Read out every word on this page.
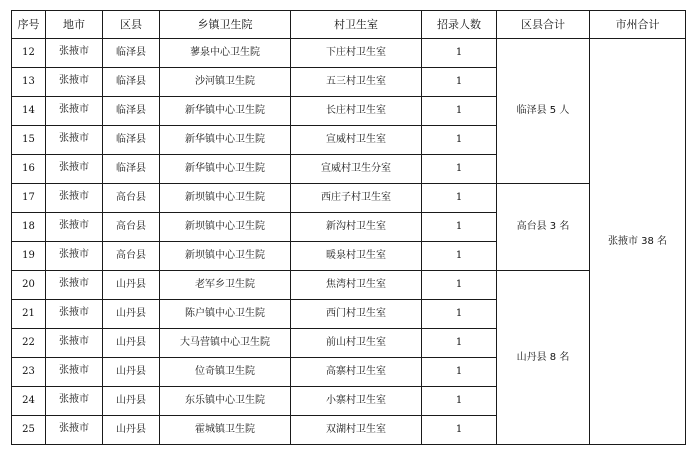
序号	地市	区县	乡镇卫生院	村卫生室	招录人数	区县合计	市州合计
12	张掖市	临泽县	蓼泉中心卫生院	下庄村卫生室	1	临泽县 5 人	张掖市 38 名
13	张掖市	临泽县	沙河镇卫生院	五三村卫生室	1		
14	张掖市	临泽县	新华镇中心卫生院	长庄村卫生室	1		
15	张掖市	临泽县	新华镇中心卫生院	宣威村卫生室	1		
16	张掖市	临泽县	新华镇中心卫生院	宣威村卫生分室	1		
17	张掖市	高台县	新坝镇中心卫生院	西庄子村卫生室	1	高台县 3 名	
18	张掖市	高台县	新坝镇中心卫生院	新沟村卫生室	1		
19	张掖市	高台县	新坝镇中心卫生院	暖泉村卫生室	1		
20	张掖市	山丹县	老军乡卫生院	焦湾村卫生室	1	山丹县 8 名	
21	张掖市	山丹县	陈户镇中心卫生院	西门村卫生室	1		
22	张掖市	山丹县	大马营镇中心卫生院	前山村卫生室	1		
23	张掖市	山丹县	位奇镇卫生院	高寨村卫生室	1		
24	张掖市	山丹县	东乐镇中心卫生院	小寨村卫生室	1		
25	张掖市	山丹县	霍城镇卫生院	双湖村卫生室	1		
